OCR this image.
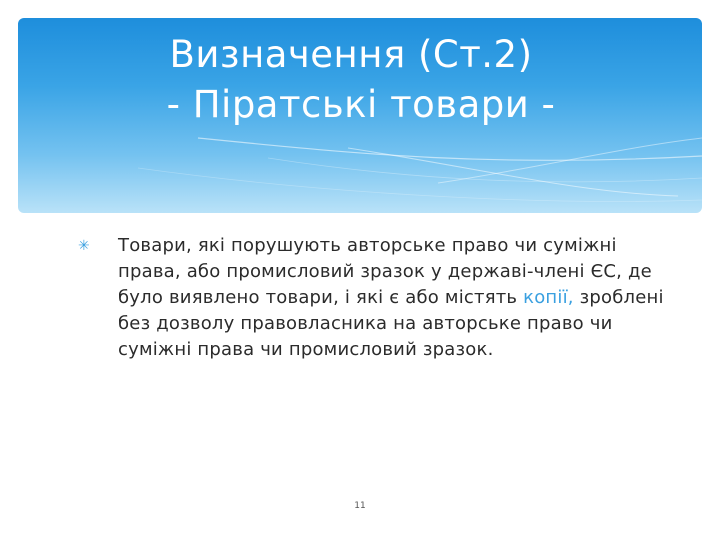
Визначення (Ст.2)
- Піратські товари -
✳	Товари, які порушують авторське право чи суміжні права, або промисловий зразок у державі-члені ЄС, де було виявлено товари, і які є або містять копії, зроблені без дозволу правовласника на авторське право чи суміжні права чи промисловий зразок.

11
